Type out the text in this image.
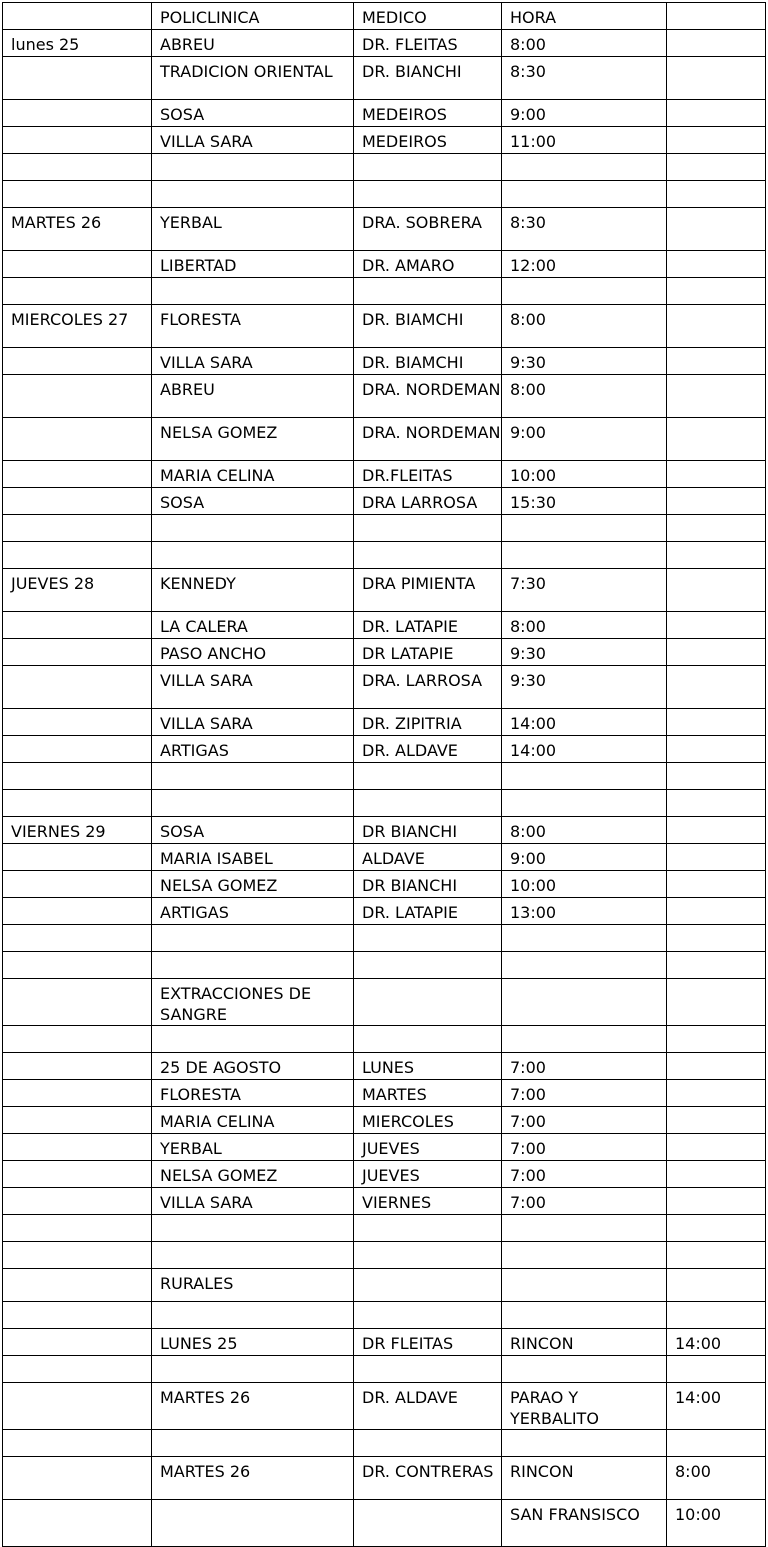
	POLICLINICA	MEDICO	HORA	
lunes 25	ABREU	DR. FLEITAS	8:00	
	TRADICION ORIENTAL	DR. BIANCHI	8:30	
	SOSA	MEDEIROS	9:00	
	VILLA SARA	MEDEIROS	11:00	

MARTES 26	YERBAL	DRA. SOBRERA	8:30	
	LIBERTAD	DR. AMARO	12:00	

MIERCOLES 27	FLORESTA	DR. BIAMCHI	8:00	
	VILLA SARA	DR. BIAMCHI	9:30	
	ABREU	DRA. NORDEMAN	8:00	
	NELSA GOMEZ	DRA. NORDEMAN	9:00	
	MARIA CELINA	DR.FLEITAS	10:00	
	SOSA	DRA LARROSA	15:30	

JUEVES 28	KENNEDY	DRA PIMIENTA	7:30	
	LA CALERA	DR. LATAPIE	8:00	
	PASO ANCHO	DR LATAPIE	9:30	
	VILLA SARA	DRA. LARROSA	9:30	
	VILLA SARA	DR. ZIPITRIA	14:00	
	ARTIGAS	DR. ALDAVE	14:00	

VIERNES 29	SOSA	DR BIANCHI	8:00	
	MARIA ISABEL	ALDAVE	9:00	
	NELSA GOMEZ	DR BIANCHI	10:00	
	ARTIGAS	DR. LATAPIE	13:00	

	EXTRACCIONES DE SANGRE			

	25 DE AGOSTO	LUNES	7:00	
	FLORESTA	MARTES	7:00	
	MARIA CELINA	MIERCOLES	7:00	
	YERBAL	JUEVES	7:00	
	NELSA GOMEZ	JUEVES	7:00	
	VILLA SARA	VIERNES	7:00	

	RURALES			

	LUNES 25	DR FLEITAS	RINCON	14:00

	MARTES 26	DR. ALDAVE	PARAO Y YERBALITO	14:00

	MARTES 26	DR. CONTRERAS	RINCON	8:00
			SAN FRANSISCO	10:00
